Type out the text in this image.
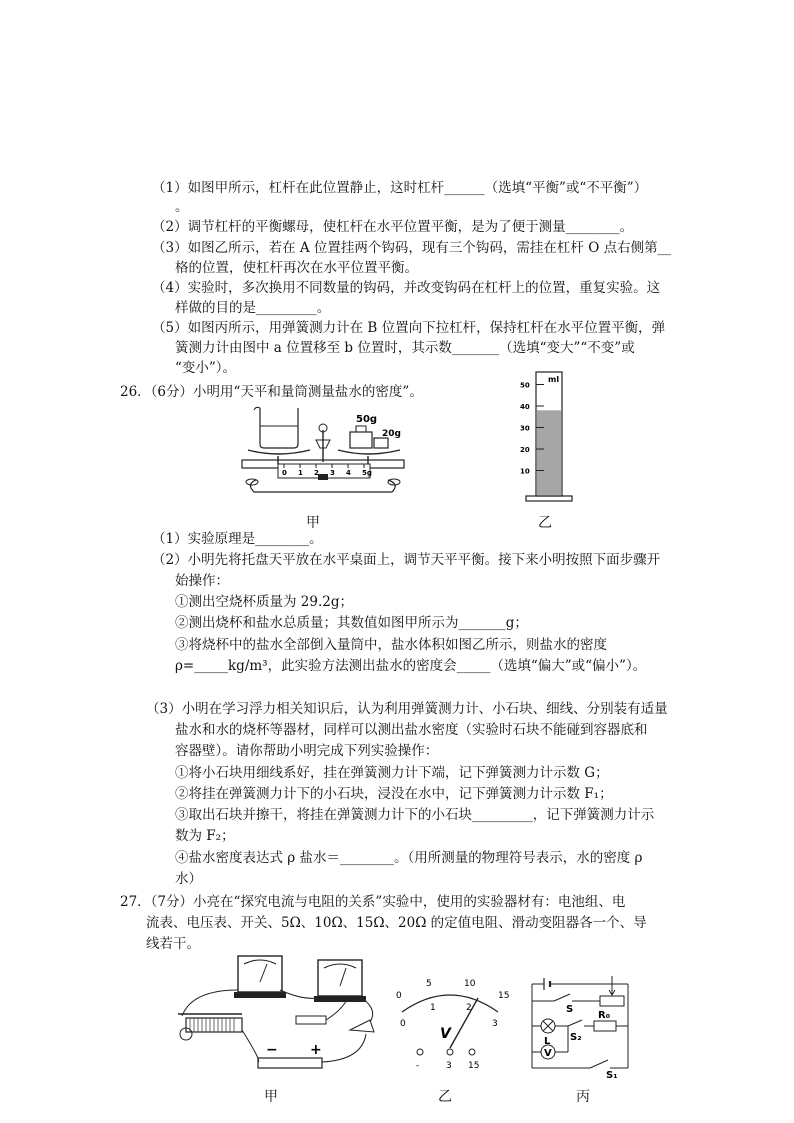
（1）如图甲所示，杠杆在此位置静止，这时杠杆______（选填“平衡”或“不平衡”）
。
（2）调节杠杆的平衡螺母，使杠杆在水平位置平衡，是为了便于测量________。
（3）如图乙所示，若在 A 位置挂两个钩码，现有三个钩码，需挂在杠杆 O 点右侧第__
格的位置，使杠杆再次在水平位置平衡。
（4）实验时，多次换用不同数量的钩码，并改变钩码在杠杆上的位置，重复实验。这
样做的目的是_________。
（5）如图丙所示，用弹簧测力计在 B 位置向下拉杠杆，保持杠杆在水平位置平衡，弹
簧测力计由图中 a 位置移至 b 位置时，其示数_______（选填“变大”“不变”或
“变小”）。
26．（6分）小明用“天平和量筒测量盐水的密度”。
50g
20g
0 1 2 3 4 5g
甲
ml
50
40
30
20
10
乙
（1）实验原理是________。
（2）小明先将托盘天平放在水平桌面上，调节天平平衡。接下来小明按照下面步骤开
始操作：
①测出空烧杯质量为 29.2g；
②测出烧杯和盐水总质量；其数值如图甲所示为_______g；
③将烧杯中的盐水全部倒入量筒中，盐水体积如图乙所示，则盐水的密度
ρ=_____kg/m³，此实验方法测出盐水的密度会_____（选填“偏大”或“偏小”）。
（3）小明在学习浮力相关知识后，认为利用弹簧测力计、小石块、细线、分别装有适量
盐水和水的烧杯等器材，同样可以测出盐水密度（实验时石块不能碰到容器底和
容器壁）。请你帮助小明完成下列实验操作：
①将小石块用细线系好，挂在弹簧测力计下端，记下弹簧测力计示数 G；
②将挂在弹簧测力计下的小石块，浸没在水中，记下弹簧测力计示数 F₁；
③取出石块并擦干，将挂在弹簧测力计下的小石块_________，记下弹簧测力计示
数为 F₂；
④盐水密度表达式 ρ 盐水＝________。（用所测量的物理符号表示，水的密度 ρ
水）
27．（7分）小亮在“探究电流与电阻的关系”实验中，使用的实验器材有：电池组、电
流表、电压表、开关、5Ω、10Ω、15Ω、20Ω 的定值电阻、滑动变阻器各一个、导
线若干。
− +
甲
0
5	10
15
0
1	2
3
V
-	3 15
乙
S
L S₂
R₀
S₁
V
丙
